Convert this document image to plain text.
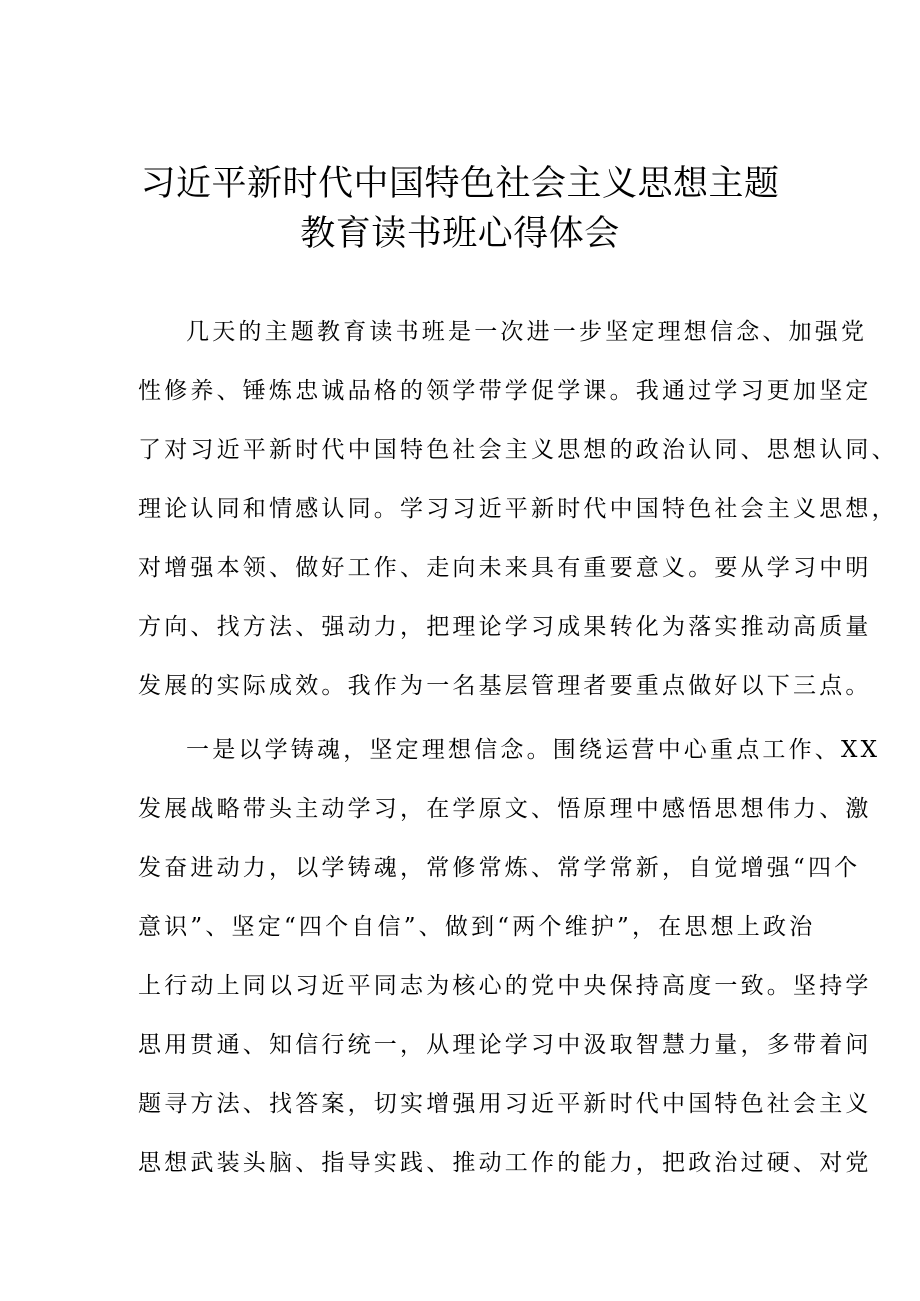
习近平新时代中国特色社会主义思想主题
教育读书班心得体会
几天的主题教育读书班是一次进一步坚定理想信念、加强党
性修养、锤炼忠诚品格的领学带学促学课。我通过学习更加坚定
了对习近平新时代中国特色社会主义思想的政治认同、思想认同、
理论认同和情感认同。学习习近平新时代中国特色社会主义思想，
对增强本领、做好工作、走向未来具有重要意义。要从学习中明
方向、找方法、强动力，把理论学习成果转化为落实推动高质量
发展的实际成效。我作为一名基层管理者要重点做好以下三点。
一是以学铸魂，坚定理想信念。围绕运营中心重点工作、XX
发展战略带头主动学习，在学原文、悟原理中感悟思想伟力、激
发奋进动力，以学铸魂，常修常炼、常学常新，自觉增强“四个
意识”、坚定“四个自信”、做到“两个维护”，在思想上政治
上行动上同以习近平同志为核心的党中央保持高度一致。坚持学
思用贯通、知信行统一，从理论学习中汲取智慧力量，多带着问
题寻方法、找答案，切实增强用习近平新时代中国特色社会主义
思想武装头脑、指导实践、推动工作的能力，把政治过硬、对党
